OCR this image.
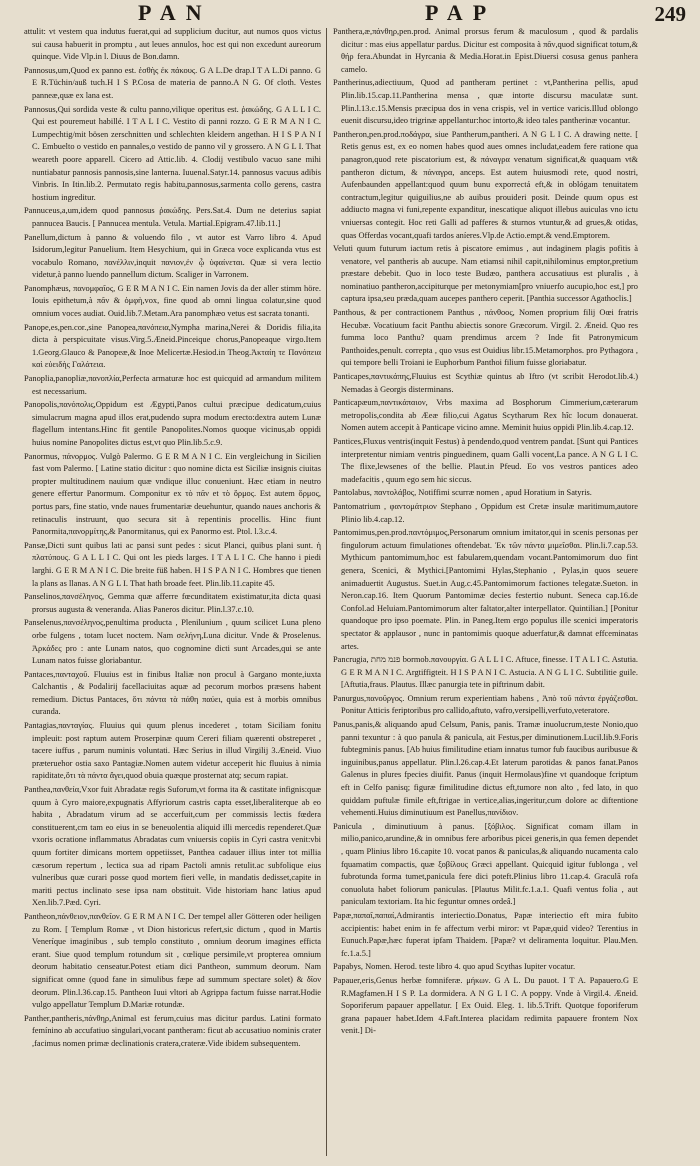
PAN	PAP	249

attulit: vt vestem qua indutus fuerat,qui ad supplicium ducitur, aut numos quos victus sui causa habuerit in promptu , aut leues annulos, hoc est qui non excedunt aureorum quinque. Vide Vlp.in l. Diuus de Bon.damn.

Pannosus,um,Quod ex panno est. ἐσθὴς ἐκ πάκους. G A L.De drap.I T A L.Di panno. G E R.Tüchin/auß tuch.H I S P.Cosa de materia de panno.A N G. Of cloth. Vestes panneæ,quæ ex lana est.

Pannosus,Qui sordida veste & cultu panno,vilique operitus est. ῥακώδης. G A L L I C. Qui est pouremeut habillé. I T A L I C. Vestito di panni rozzo. G E R M A N I C. Lumpechtig/mit bösen zerschnitten und schlechten kleidern angethan. H I S P A N I C. Embuelto o vestido en pannales,o vestido de panno vil y grossero. A N G L I. That weareth poore apparell. Cicero ad Attic.lib. 4. Clodij vestibulo vacuo sane mihi nuntiabatur pannosis pannosis,sine lanterna. Iuuenal.Satyr.14. pannosus vacuus adibis Vinbris. In Itin.lib.2. Permutato regis habitu,pannosus,sarmenta collo gerens, castra hostium ingreditur.

Pannuceus,a,um,idem quod pannosus ῥακώδης. Pers.Sat.4. Dum ne deterius sapiat pannucea Baucis. [ Pannucea mentula. Vetula. Martial.Epigram.47.lib.11.]

Panellum,dictum à panno & voluendo filo , vt autor est Varro libro 4. Apud Isidorum,legitur Panuelium. Item Hesychium, qui in Græca voce explicanda vtus est vocabulo Romano, πανέλλιν,inquit πανιον,ἐν ᾧ ὑφαίνεται. Quæ si vera lectio videtur,à panno luendo pannellum dictum. Scaliger in Varronem.

Panomphæus, πανομφαῖος, G E R M A N I C. Ein namen Jovis da der aller stimm höre. Iouis epithetum,à πᾶν & ὀμφὴ,vox, fine quod ab omni lingua colatur,sine quod omnium voces audiat. Ouid.lib.7.Metam.Ara panomphæo vetus est sacrata tonanti.

Panope,es,pen.cor.,sine Panopea,πανόπεια,Nympha marina,Nerei & Doridis filia,ita dicta à perspicuitate visus.Virg.5.Æneid.Pinceique chorus,Panopeaque virgo.Item 1.Georg.Glauco & Panopeæ,& Inoe Melicertæ.Hesiod.in Theog.Ἀκταίη τε Πανόπεια καὶ εὐειδὴς Γαλάτεια.

Panoplia,panopliæ,πανοπλία,Perfecta armaturæ hoc est quicquid ad armandum militem est necessarium.

Panopolis,πανόπολις,Oppidum est Ægypti,Panos cultui præcipue dedicatum,cuius simulacrum magna apud illos erat,pudendo supra modum erecto:dextra autem Lunæ flagellum intentans.Hinc fit gentile Panopolites.Nomos quoque vicinus,ab oppidi huius nomine Panopolites dictus est,vt quo Plin.lib.5.c.9.

Panormus, πάνορμος. Vulgò Palermo. G E R M A N I C. Ein vergleichung in Sicilien fast vom Palermo. [ Latine statio dicitur : quo nomine dicta est Siciliæ insignis ciuitas propter multitudinem nauium quæ vndique illuc conueniunt. Hæc etiam in neutro genere effertur Panormum. Componitur ex τὸ πᾶν et τὸ ὅρμος. Est autem ὅρμος, portus pars, fine statio, vnde naues frumentariæ deuehuntur, quando naues anchoris & retinaculis instruunt, quo secura sit à repentinis procellis. Hinc fiunt Panormita,πανορμίτης,& Panormitanus, qui ex Panormo est. Ptol. l.3.c.4.

Pansæ,Dicti sunt quibus lati ac pansi sunt pedes : sicut Planci, quibus plani sunt. ἡ πλατύπους. G A L L I C. Qui ont les pieds larges. I T A L I C. Che hanno i piedi larghi. G E R M A N I C. Die breite füß haben. H I S P A N I C. Hombres que tienen la plans as llanas. A N G L I. That hath broade feet. Plin.lib.11.capite 45.

Panselinos,πανσέληνος, Gemma quæ afferre fœcunditatem existimatur,ita dicta quasi prorsus augusta & veneranda. Alias Paneros dicitur. Plin.l.37.c.10.

Panselenus,πανσέληνος,penultima producta , Plenilunium , quum scilicet Luna pleno orbe fulgens , totam lucet noctem. Nam σελήνη,Luna dicitur. Vnde & Proselenus. Ἀρκάδες pro : ante Lunam natos, quo cognomine dicti sunt Arcades,qui se ante Lunam natos fuisse gloriabantur.

Pantaces,πανταχοῦ. Fluuius est in finibus Italiæ non procul à Gargano monte,iuxta Calchantis , & Podalirij facellaciuitas aquæ ad pecorum morbos præsens habent remedium. Dictus Pantaces, ὅτι πάντα τὰ πάθη παύει, quia est à morbis omnibus curanda.

Pantagias,πανταγίας. Fluuius qui quum plenus incederet , totam Siciliam fonitu impleuit: post raptum autem Proserpinæ quum Cereri filiam quærenti obstreperet , tacere iuffus , parum numinis voluntati. Hæc Serius in illud Virgilij 3.Æneid. Viuo præteruehor ostia saxo Pantagiæ.Nomen autem videtur acceperit hic fluuius à nimia rapiditate,ὅτι τὰ πάντα ἄγει,quod obuia quæque prosternat atq; secum rapiat.

Panthea,πανθεία,Vxor fuit Abradatæ regis Suforum,vt forma ita & castitate infignis:quæ quum à Cyro maiore,expugnatis Affyriorum castris capta esset,liberaliterque ab eo habita , Abradatum virum ad se accerfuit,cum per commissis lectis fœdera constituerent,cm tam eo eius in se beneuolentia aliquid illi mercedis rependeret.Quæ vxoris ocratione inflammatus Abradatas cum vniuersis copiis in Cyri castra venit:vbi quum fortiter dimicans mortem oppetiisset, Panthea cadauer illius inter tot millia cæsorum repertum , lectica sua ad ripam Pactoli amnis retulit.ac subfolique eius vulneribus quæ curari posse quod mortem fieri velle, in mandatis dedisset,capite in mariti pectus inclinato sese ipsa nam obstituit. Vide historiam hanc latius apud Xen.lib.7.Pæd. Cyri.

Pantheon,πάνθειον,πανθεῖον. G E R M A N I C. Der tempel aller Götteren oder heiligen zu Rom. [ Templum Romæ , vt Dion historicus refert,sic dictum , quod in Martis Veneríque imaginibus , sub templo constituto , omnium deorum imagines efficta erant. Siue quod templum rotundum sit , cœlique persimile,vt propterea omnium deorum habitatio censeatur.Potest etiam dici Pantheon, summum deorum. Nam significat omne (quod fane in simulibus fæpe ad summum spectare solet) & δῖον deorum. Plin.l.36.cap.15. Pantheon Iuui vltori ab Agrippa factum fuisse narrat.Hodie vulgo appellatur Templum D.Mariæ rotundæ.

Panther,pantheris,πάνθηρ,Animal est ferum,cuius mas dicitur pardus. Latini formato femínino ab accufatiuo singulari,vocant pantheram: ficut ab accusatiuo nominis crater ,facimus nomen primæ declinationis cratera,crateræ.Vide ibidem subsequentem.

Panthera,æ,πάνθηρ,pen.prod. Animal prorsus ferum & maculosum , quod & pardalis dicitur : mas eius appellatur pardus. Dicitur est composita à πᾶν,quod significat totum,& θήρ fera.Abundat in Hyrcania & Media.Horat.in Epist.Diuersi cosusa genus panhera camelo.

Pantherinus,adiectiuum, Quod ad pantheram pertinet : vt,Pantherina pellis, apud Plin.lib.15.cap.11.Pantherina mensa , quæ intorte discursu maculatæ sunt. Plin.l.13.c.15.Mensis præcipua dos in vena crispis, vel in vertice varicis.Illud oblongo euenit discursu,ideo trigrinæ appellantur:hoc intorto,& ideo tales pantherinæ vocantur.

Pantheron,pen.prod.ποδάγρα, siue Pantherum,pantheri. A N G L I C. A drawing nette. [ Retis genus est, ex eo nomen habes quod aues omnes includat,eadem fere ratione qua panagron,quod rete piscatorium est, & πάναγρα venatum significat,& quaquam vt& pantheron dictum, & πάναγρα, anceps. Est autem huiusmodi rete, quod nostri, Aufenbaunden appellant:quod quum bunu exporrectá eft,& in oblógam tenuitatem contractum,legitur quiguilius,ne ab auibus prouideri posit. Deinde quum opus est addiucto magna vi funi,repente expanditur, inescatique aliquot illebus auiculas vno ictu vniuersas contegit. Hoc reti Galli ad pafferes & sturnos vtuntur,& ad grues,& otidas, quas Offerdas vocant,quafi tardos aníeres.Vlp.de Actio.empt.& vend.Emptorem.

Veluti quum futurum iactum retis à piscatore emimus , aut indaginem plagis pofitis à venatore, vel pantheris ab aucupe. Nam etiamsi nihil capit,nihilominus emptor,pretium præstare debebit. Quo in loco teste Budæo, panthera accusatiuus est pluralis , à nominatiuo pantheron,accipiturque per metonymiam[pro vniuerfo aucupio,hoc est,] pro captura ipsa,seu præda,quam aucepes panthero ceperit. [Panthia successor Agathoclis.]

Panthous, & per contractionem Panthus , πάνθοος, Nomen proprium filij Oœi fratris Hecubæ. Vocatiuum facit Panthu abiectis sonore Græcorum. Virgil. 2. Æneid. Quo res fumma loco Panthu? quam prendimus arcem ? Inde fit Patronymicum Panthoides,penult. correpta , quo vsus est Ouidius libr.15.Metamorphos. pro Pythagora , qui tempore belli Troiani ie Euphorbum Panthoi filium fuisse gloriabatur.

Panticapes,παντικάπης,Fluuius est Scythiæ quintus ab Iftro (vt scribit Herodot.lib.4.) Nemadas à Georgis disterminans.

Panticapæum,παντικάπαιον, Vrbs maxima ad Bosphorum Cimmerium,cæterarum metropolis,condita ab Æeæ filio,cui Agatus Scytharum Rex hîc locum donauerat. Nomen autem accepit à Panticape vicino amne. Meminit huius oppidi Plin.lib.4.cap.12.

Pantices,Fluxus ventris(inquit Festus) à pendendo,quod ventrem pandat. [Sunt qui Pantices interpretentur nimiam ventris pinguedinem, quam Galli vocent,La pance. A N G L I C. The flixe,lewsenes of the bellie. Plaut.in Pfeud. Eo vos vestros pantices adeo madefacitis , quum ego sem hic siccus.

Pantolabus, παντολάβος, Notiffimi scurræ nomen , apud Horatium in Satyris.

Pantomatrium , φαντομάτριον Stephano , Oppidum est Cretæ insulæ maritimum,autore Plinio lib.4.cap.12.

Pantomimus,pen.prod.παντόμιμος,Personarum omnium imitator,qui in scenis personas per fingulorum actuum fimulationes oftendebat. Ἐκ τῶν πάντα μιμεῖσθαι. Plin.li.7.cap.53. Mythicum pantomimum,hoc est fabularem,quendam vocant.Pantomimorum duo fint genera, Scenici, & Mythici.[Pantomimi Hylas,Stephanio , Pylas,in quos seuere animaduertit Augustus. Suet.in Aug.c.45.Pantomimorum factiones telegatæ.Sueton. in Neron.cap.16. Item Quorum Pantomimæ decies festertio nubunt. Seneca cap.16.de Confol.ad Heluiam.Pantomimorum alter faltator,alter interpellator. Quintilian.] [Ponitur quandoque pro ipso poemate. Plin. in Paneg.Item ergo populus ille scenici imperatoris spectator & applausor , nunc in pantomimis quoque aduerfatur,& damnat effceminatas artes.

Pancrugia, פנמ מחת bormob.πανουργία. G A L L I C. Aftuce, finesse. I T A L I C. Astutia. G E R M A N I C. Argtiffigteit. H I S P A N I C. Astucia. A N G L I C. Subtilitie guile. [Aftutia,fraus. Plautus. Illæc panurgia tete in piftrinum dabit.

Panurgus,πανοῦργος. Omnium rerum experientiam habens , Ἀπὸ τοῦ πάντα ἐργάζεσθαι. Ponitur Atticis feriptoribus pro callido,aftuto, vafro,versipelli,verfuto,veteratore.

Panus,panis,& aliquando apud Celsum, Panis, panis. Tramæ inuolucrum,teste Nonio,quo panni texuntur : à quo panula & panicula, ait Festus,per diminutionem.Lucil.lib.9.Foris fubtegminis panus. [Ab huius fimilitudine etiam innatus tumor fub faucibus auribusue & inguinibus,panus appellatur. Plin.l.26.cap.4.Et laterum parotidas & panos fanat.Panos Galenus in plures fpecies diuifit. Panus (inquit Hermolaus)fine vt quandoque fcriptum eft in Celfo panisq; figuræ fimilitudine dictus eft,tumore non alto , fed lato, in quo quiddam puftulæ fimile eft,ftrigae in vertice,alias,ingeritur,cum dolore ac diftentione vehementi.Huius diminutiuum est Panellus,πανίδιον.

Panicula , diminutiuum à panus. [ξόβιλος. Significat comam illam in milio,panico,arundine,& in omnibus fere arboribus picei generis,in qua femen dependet , quam Plinius libro 16.capite 10. vocat panos & paniculas,& aliquando nucamenta calo fquamatim compactis, quæ ξοβίλους Græci appellant. Quicquid igitur fublonga , vel fubrotunda forma tumet,panicula fere dici poteft.Plinius libro 11.cap.4. Graculā rofa conuoluta habet foliorum paniculas. [Plautus Milit.fc.1.a.1. Quafi ventus folia , aut paniculam textoriam. Ita hic feguntur omnes ordeâ.]

Papæ,παπαῖ,παπαί,Admirantis interiectio.Donatus, Papæ interiectio eft mira fubito accipientis: habet enim in fe affectum verbi miror: vt Papæ,quid video? Terentius in Eunuch.Papæ,hæc fuperat ipfam Thaidem. [Papæ? vt deliramenta loquitur. Plau.Men. fc.1.a.5.]

Papabys, Nomen. Herod. teste libro 4. quo apud Scythas Iupiter vocatur.

Papauer,eris,Genus herbæ fomniferæ. μήκων. G A L. Du pauot. I T A. Papauero.G E R.Magfamen.H I S P. La dormidera. A N G L I C. A poppy. Vnde à Virgil.4. Æneid. Soporiferum papauer appellatur. [ Ex Ouid. Eleg. 1. lib.5.Trift. Quotque foporiferum grana papauer habet.Idem 4.Faft.Interea placidam redimita papauere frontem Nox venit.] Di-
